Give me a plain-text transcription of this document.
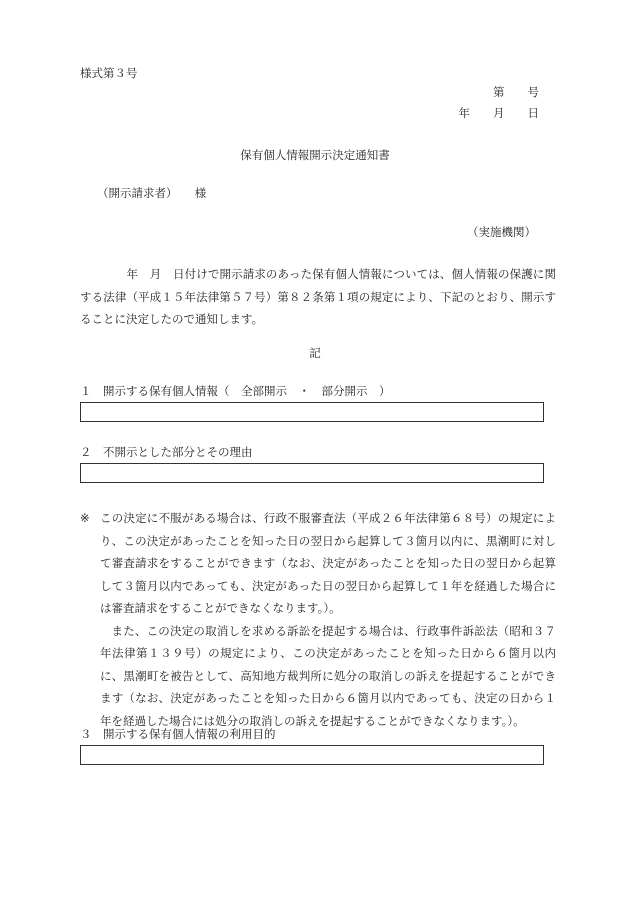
様式第３号
第　　号
年　　月　　日
保有個人情報開示決定通知書
（開示請求者）　　様
（実施機関）
　　　　年　月　日付けで開示請求のあった保有個人情報については、個人情報の保護に関する法律（平成１５年法律第５７号）第８２条第１項の規定により、下記のとおり、開示することに決定したので通知します。
記
１　開示する保有個人情報（　全部開示　・　部分開示　）
２　不開示とした部分とその理由
※ この決定に不服がある場合は、行政不服審査法（平成２６年法律第６８号）の規定により、この決定があったことを知った日の翌日から起算して３箇月以内に、黒潮町に対して審査請求をすることができます（なお、決定があったことを知った日の翌日から起算して３箇月以内であっても、決定があった日の翌日から起算して１年を経過した場合には審査請求をすることができなくなります。）。
また、この決定の取消しを求める訴訟を提起する場合は、行政事件訴訟法（昭和３７年法律第１３９号）の規定により、この決定があったことを知った日から６箇月以内に、黒潮町を被告として、高知地方裁判所に処分の取消しの訴えを提起することができます（なお、決定があったことを知った日から６箇月以内であっても、決定の日から１年を経過した場合には処分の取消しの訴えを提起することができなくなります。）。
３　開示する保有個人情報の利用目的
